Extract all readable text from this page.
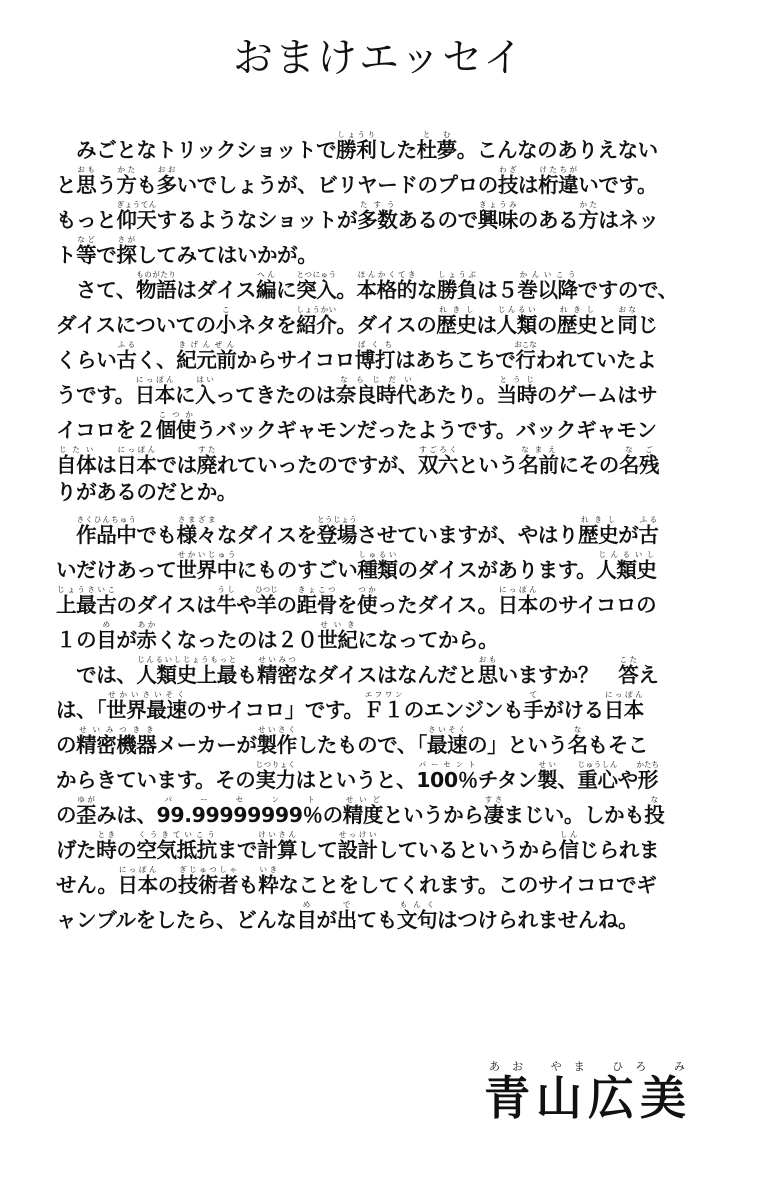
おまけエッセイ
　みごとなトリックショットで勝利しょうりした杜夢とむ。こんなのありえない
と思おもう方かたも多おおいでしょうが、ビリヤードのプロの技わざは桁違けたちがいです。
もっと仰天ぎょうてんするようなショットが多数たすうあるので興味きょうみのある方かたはネッ
ト等などで探さがしてみてはいかが。
　さて、物語ものがたりはダイス編へんに突入とつにゅう。本格的ほんかくてきな勝負しょうぶは５巻以降かんいこうですので、
ダイスについての小こネタを紹介しょうかい。ダイスの歴史れきしは人類じんるいの歴史れきしと同おなじ
くらい古ふるく、紀元前きげんぜんからサイコロ博打ばくちはあちこちで行おこなわれていたよ
うです。日本にっぽんに入はいってきたのは奈良時代ならじだいあたり。当時とうじのゲームはサ
イコロを２個使こつかうバックギャモンだったようです。バックギャモン
自体じたいは日本にっぽんでは廃すたれていったのですが、双六すごろくという名前なまえにその名残なご
りがあるのだとか。
　作品中さくひんちゅうでも様々さまざまなダイスを登場とうじょうさせていますが、やはり歴史れきしが古ふる
いだけあって世界中せかいじゅうにものすごい種類しゅるいのダイスがあります。人類史じんるいし
上最古じょうさいこのダイスは牛うしや羊ひつじの距骨きょこつを使つかったダイス。日本にっぽんのサイコロの
１の目めが赤あかくなったのは２０世紀せいきになってから。
　では、人類史上最じんるいしじょうもっとも精密せいみつなダイスはなんだと思おもいますか？　答こたえ
は、「世界最速せかいさいそくのサイコロ」です。Ｆ１エフワンのエンジンも手てがける日本にっぽん
の精密機器せいみつききメーカーが製作せいさくしたもので、「最速さいそくの」という名なもそこ
からきています。その実力じつりょくはというと、100％パーセントチタン製せい、重心じゅうしんや形かたち
の歪ゆがみは、99.99999999％パーセントの精度せいどというから凄すさまじい。しかも投な
げた時ときの空気抵抗くうきていこうまで計算けいさんして設計せっけいしているというから信しんじられま
せん。日本にっぽんの技術者ぎじゅつしゃも粋いきなことをしてくれます。このサイコロでギ
ャンブルをしたら、どんな目めが出でても文句もんくはつけられませんね。
青山広美あお やま ひろ み
